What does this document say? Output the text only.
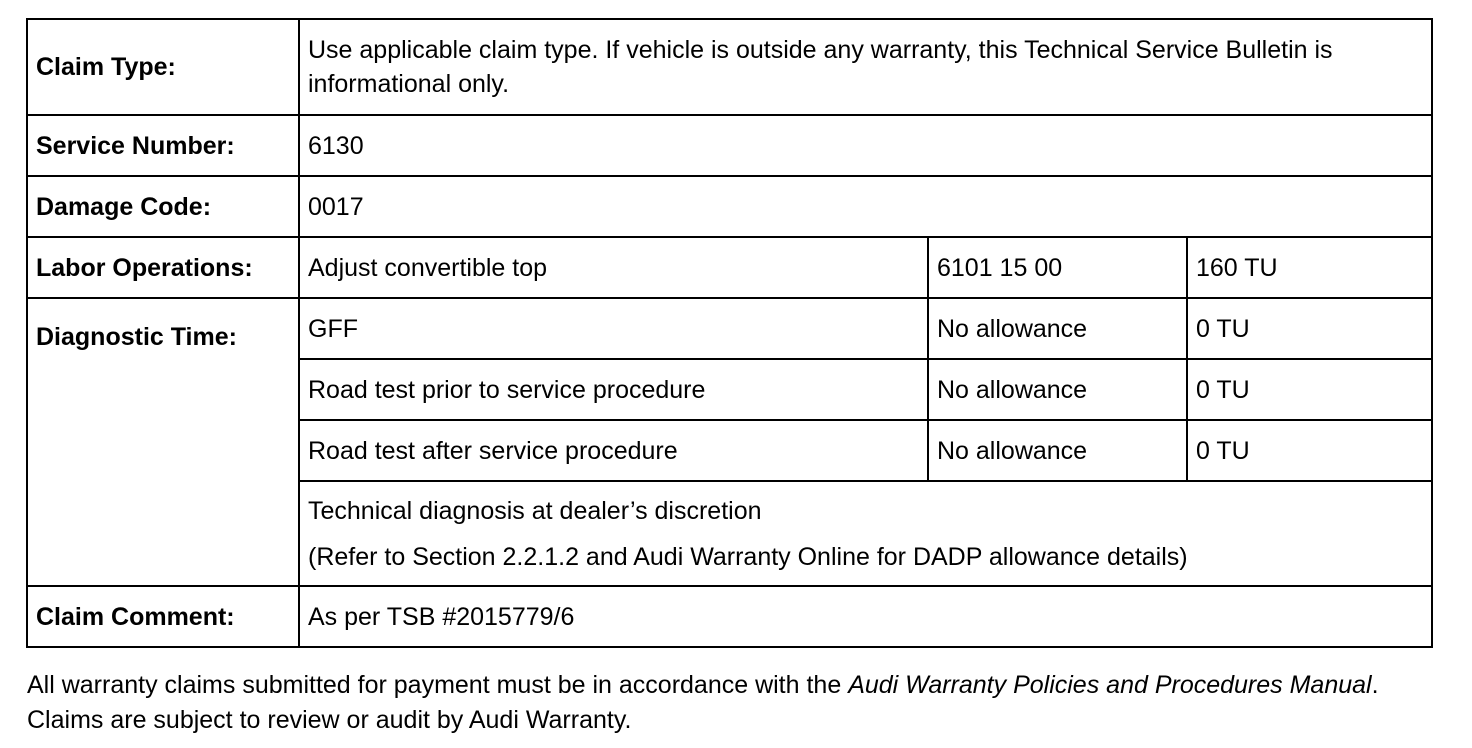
Claim Type:	Use applicable claim type. If vehicle is outside any warranty, this Technical Service Bulletin is informational only.		
Service Number:	6130		
Damage Code:	0017		
Labor Operations:	Adjust convertible top	6101 15 00	160 TU
Diagnostic Time:	GFF	No allowance	0 TU
	Road test prior to service procedure	No allowance	0 TU
	Road test after service procedure	No allowance	0 TU

	Technical diagnosis at dealer’s discretion
(Refer to Section 2.2.1.2 and Audi Warranty Online for DADP allowance details)		

Claim Comment:	As per TSB #2015779/6		
All warranty claims submitted for payment must be in accordance with the Audi Warranty Policies and Procedures Manual. Claims are subject to review or audit by Audi Warranty.
